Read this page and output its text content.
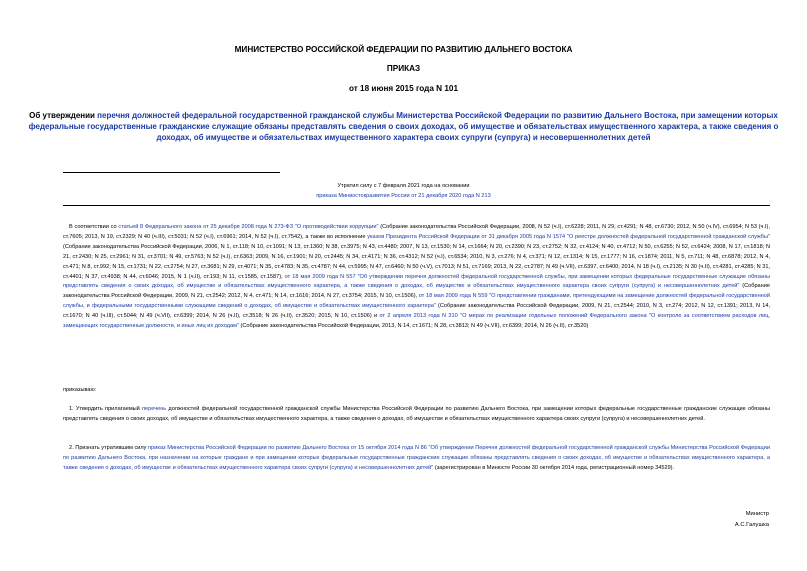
МИНИСТЕРСТВО РОССИЙСКОЙ ФЕДЕРАЦИИ ПО РАЗВИТИЮ ДАЛЬНЕГО ВОСТОКА
ПРИКАЗ
от 18 июня 2015 года N 101
Об утверждении перечня должностей федеральной государственной гражданской службы Министерства Российской Федерации по развитию Дальнего Востока, при замещении которых федеральные государственные гражданские служащие обязаны представлять сведения о своих доходах, об имуществе и обязательствах имущественного характера, а также сведения о доходах, об имуществе и обязательствах имущественного характера своих супруги (супруга) и несовершеннолетних детей
Утратил силу с 7 февраля 2021 года на основании
приказа Минвостокразвития России от 21 декабря 2020 года N 213
В соответствии со статьей 8 Федерального закона от 25 декабря 2008 года N 273-ФЗ "О противодействии коррупции" (Собрание законодательства Российской Федерации, 2008, N 52 (ч.I), ст.6228; 2011, N 29, ст.4291; N 48, ст.6730; 2012, N 50 (ч.IV), ст.6954; N 53 (ч.I), ст.7605; 2013, N 19, ст.2329; N 40 (ч.III), ст.5031; N 52 (ч.I), ст.6961; 2014, N 52 (ч.I), ст.7542), а также во исполнение указов Президента Российской Федерации от 31 декабря 2005 года N 1574 "О реестре должностей федеральной государственной гражданской службы" (Собрание законодательства Российской Федерации, 2006, N 1, ст.118; N 10, ст.1091; N 13, ст.1360; N 38, ст.3975; N 43, ст.4480; 2007, N 13, ст.1530; N 14, ст.1664; N 20, ст.2390; N 23, ст.2752; N 32, ст.4124; N 40, ст.4712; N 50, ст.6255; N 52, ст.6424; 2008, N 17, ст.1818; N 21, ст.2430; N 25, ст.2961; N 31, ст.3701; N 49, ст.5763; N 52 (ч.I), ст.6363; 2009, N 16, ст.1901; N 20, ст.2445; N 34, ст.4171; N 36, ст.4312; N 52 (ч.I), ст.6534; 2010, N 3, ст.276; N 4, ст.371; N 12, ст.1314; N 15, ст.1777; N 16, ст.1874; 2011, N 5, ст.711; N 48, ст.6878; 2012, N 4, ст.471; N 8, ст.992; N 15, ст.1731; N 22, ст.2754; N 27, ст.3681; N 29, ст.4071; N 35, ст.4783; N 35, ст.4787; N 44, ст.5995; N 47, ст.6460; N 50 (ч.V), ст.7013; N 51, ст.7169; 2013, N 22, ст.2787; N 49 (ч.VII), ст.6397, ст.6400; 2014, N 18 (ч.I), ст.2135; N 30 (ч.II), ст.4281, ст.4285; N 31, ст.4401; N 37, ст.4938; N 44, ст.6046; 2015, N 1 (ч.II), ст.193; N 11, ст.1585, ст.1587), от 18 мая 2009 года N 557 "Об утверждении перечня должностей федеральной государственной службы, при замещении которых федеральные государственные служащие обязаны представлять сведения о своих доходах, об имуществе и обязательствах имущественного характера, а также сведения о доходах, об имуществе и обязательствах имущественного характера своих супруги (супруга) и несовершеннолетних детей" (Собрание законодательства Российской Федерации, 2009, N 21, ст.2542; 2012, N 4, ст.471; N 14, ст.1616; 2014, N 27, ст.3754; 2015, N 10, ст.1506), от 18 мая 2009 года N 559 "О представлении гражданами, претендующими на замещение должностей федеральной государственной службы, и федеральными государственными служащими сведений о доходах, об имуществе и обязательствах имущественного характера" (Собрание законодательства Российской Федерации, 2009, N 21, ст.2544; 2010, N 3, ст.274; 2012, N 12, ст.1391; 2013, N 14, ст.1670; N 40 (ч.III), ст.5044; N 49 (ч.VII), ст.6399; 2014, N 26 (ч.II), ст.3518; N 26 (ч.II), ст.3520; 2015, N 10, ст.1506) и от 2 апреля 2013 года N 310 "О мерах по реализации отдельных положений Федерального закона "О контроле за соответствием расходов лиц, замещающих государственные должности, и иных лиц их доходам" (Собрание законодательства Российской Федерации, 2013, N 14, ст.1671; N 28, ст.3813; N 49 (ч.VII), ст.6399; 2014, N 26 (ч.II), ст.3520)
приказываю:
1. Утвердить прилагаемый перечень должностей федеральной государственной гражданской службы Министерства Российской Федерации по развитию Дальнего Востока, при замещении которых федеральные государственные гражданские служащие обязаны представлять сведения о своих доходах, об имуществе и обязательствах имущественного характера, а также сведения о доходах, об имуществе и обязательствах имущественного характера своих супруги (супруга) и несовершеннолетних детей.
2. Признать утратившим силу приказ Министерства Российской Федерации по развитию Дальнего Востока от 15 октября 2014 года N 86 "Об утверждении Перечня должностей федеральной государственной гражданской службы Министерства Российской Федерации по развитию Дальнего Востока, при назначении на которые граждане и при замещении которых федеральные государственные гражданские служащие обязаны представлять сведения о своих доходах, об имуществе и обязательствах имущественного характера, а также сведения о доходах, об имуществе и обязательствах имущественного характера своих супруги (супруга) и несовершеннолетних детей" (зарегистрирован в Минюсте России 30 октября 2014 года, регистрационный номер 34529).
Министр
А.С.Галушка
